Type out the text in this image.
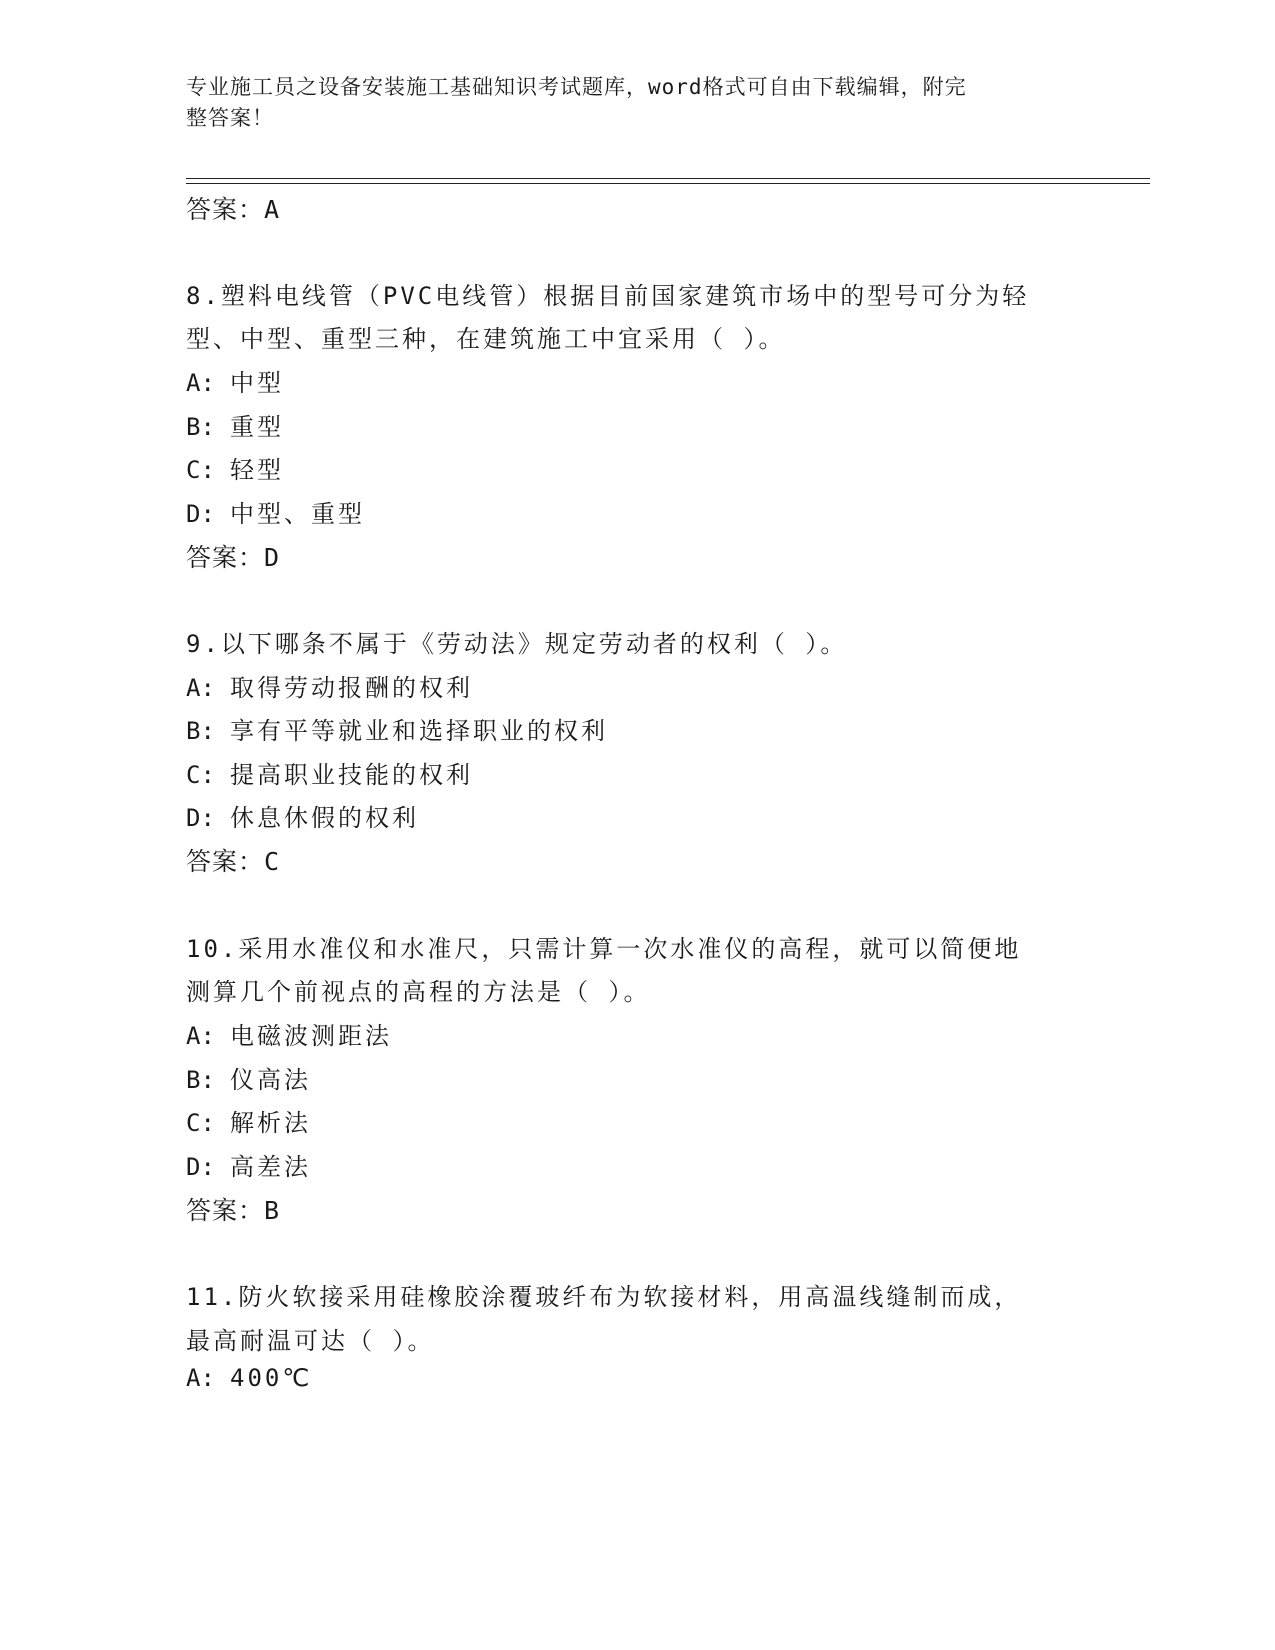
专业施工员之设备安装施工基础知识考试题库，word格式可自由下载编辑，附完
整答案！
答案：A
8.塑料电线管（PVC电线管）根据目前国家建筑市场中的型号可分为轻
型、中型、重型三种，在建筑施工中宜采用（ ）。
A: 中型
B: 重型
C: 轻型
D: 中型、重型
答案：D
9.以下哪条不属于《劳动法》规定劳动者的权利（ ）。
A: 取得劳动报酬的权利
B: 享有平等就业和选择职业的权利
C: 提高职业技能的权利
D: 休息休假的权利
答案：C
10.采用水准仪和水准尺，只需计算一次水准仪的高程，就可以简便地
测算几个前视点的高程的方法是（ ）。
A: 电磁波测距法
B: 仪高法
C: 解析法
D: 高差法
答案：B
11.防火软接采用硅橡胶涂覆玻纤布为软接材料，用高温线缝制而成，
最高耐温可达（ ）。
A: 400℃
